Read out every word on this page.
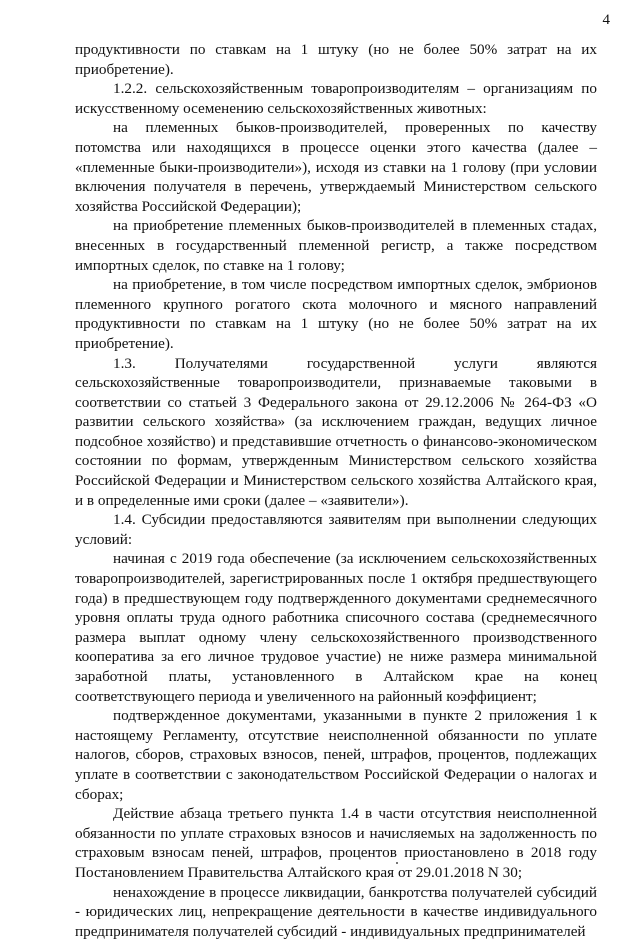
4

продуктивности по ставкам на 1 штуку (но не более 50% затрат на их приобретение).

1.2.2. сельскохозяйственным товаропроизводителям – организациям по искусственному осеменению сельскохозяйственных животных:

на племенных быков-производителей, проверенных по качеству потомства или находящихся в процессе оценки этого качества (далее – «племенные быки-производители»), исходя из ставки на 1 голову (при условии включения получателя в перечень, утверждаемый Министерством сельского хозяйства Российской Федерации);

на приобретение племенных быков-производителей в племенных стадах, внесенных в государственный племенной регистр, а также посредством импортных сделок, по ставке на 1 голову;

на приобретение, в том числе посредством импортных сделок, эмбрионов племенного крупного рогатого скота молочного и мясного направлений продуктивности по ставкам на 1 штуку (но не более 50% затрат на их приобретение).

1.3. Получателями государственной услуги являются сельскохозяйственные товаропроизводители, признаваемые таковыми в соответствии со статьей 3 Федерального закона от 29.12.2006 № 264-ФЗ «О развитии сельского хозяйства» (за исключением граждан, ведущих личное подсобное хозяйство) и представившие отчетность о финансово-экономическом состоянии по формам, утвержденным Министерством сельского хозяйства Российской Федерации и Министерством сельского хозяйства Алтайского края, и в определенные ими сроки (далее – «заявители»).

1.4. Субсидии предоставляются заявителям при выполнении следующих условий:

начиная с 2019 года обеспечение (за исключением сельскохозяйственных товаропроизводителей, зарегистрированных после 1 октября предшествующего года) в предшествующем году подтвержденного документами среднемесячного уровня оплаты труда одного работника списочного состава (среднемесячного размера выплат одному члену сельскохозяйственного производственного кооператива за его личное трудовое участие) не ниже размера минимальной заработной платы, установленного в Алтайском крае на конец соответствующего периода и увеличенного на районный коэффициент;

подтвержденное документами, указанными в пункте 2 приложения 1 к настоящему Регламенту, отсутствие неисполненной обязанности по уплате налогов, сборов, страховых взносов, пеней, штрафов, процентов, подлежащих уплате в соответствии с законодательством Российской Федерации о налогах и сборах;

Действие абзаца третьего пункта 1.4 в части отсутствия неисполненной обязанности по уплате страховых взносов и начисляемых на задолженность по страховым взносам пеней, штрафов, процентов приостановлено в 2018 году Постановлением Правительства Алтайского края от 29.01.2018 N 30;

ненахождение в процессе ликвидации, банкротства получателей субсидий - юридических лиц, непрекращение деятельности в качестве индивидуального предпринимателя получателей субсидий - индивидуальных предпринимателей
